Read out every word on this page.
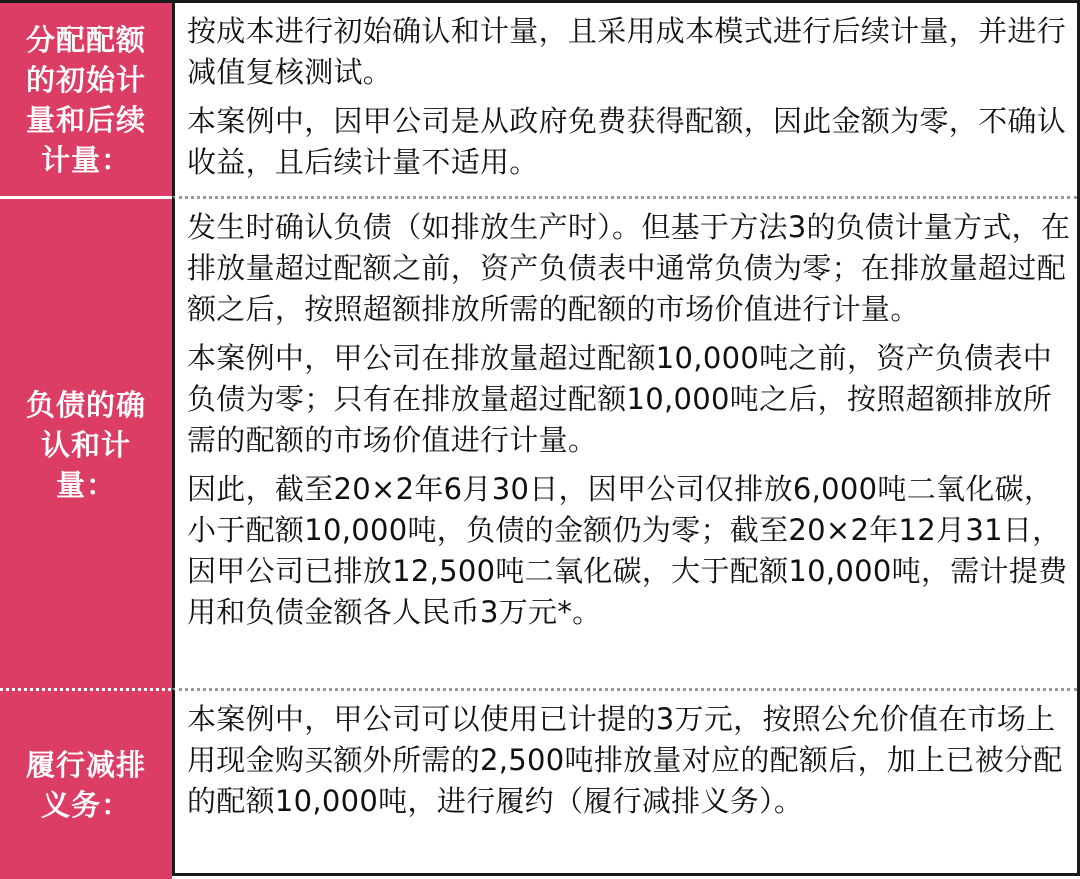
分配配额的初始计量和后续计量：

按成本进行初始确认和计量，且采用成本模式进行后续计量，并进行减值复核测试。

本案例中，因甲公司是从政府免费获得配额，因此金额为零，不确认收益，且后续计量不适用。

负债的确认和计量：

发生时确认负债（如排放生产时）。但基于方法3的负债计量方式，在排放量超过配额之前，资产负债表中通常负债为零；在排放量超过配额之后，按照超额排放所需的配额的市场价值进行计量。

本案例中，甲公司在排放量超过配额10,000吨之前，资产负债表中负债为零；只有在排放量超过配额10,000吨之后，按照超额排放所需的配额的市场价值进行计量。

因此，截至20×2年6月30日，因甲公司仅排放6,000吨二氧化碳，小于配额10,000吨，负债的金额仍为零；截至20×2年12月31日，因甲公司已排放12,500吨二氧化碳，大于配额10,000吨，需计提费用和负债金额各人民币3万元*。

履行减排义务：

本案例中，甲公司可以使用已计提的3万元，按照公允价值在市场上用现金购买额外所需的2,500吨排放量对应的配额后，加上已被分配的配额10,000吨，进行履约（履行减排义务）。
